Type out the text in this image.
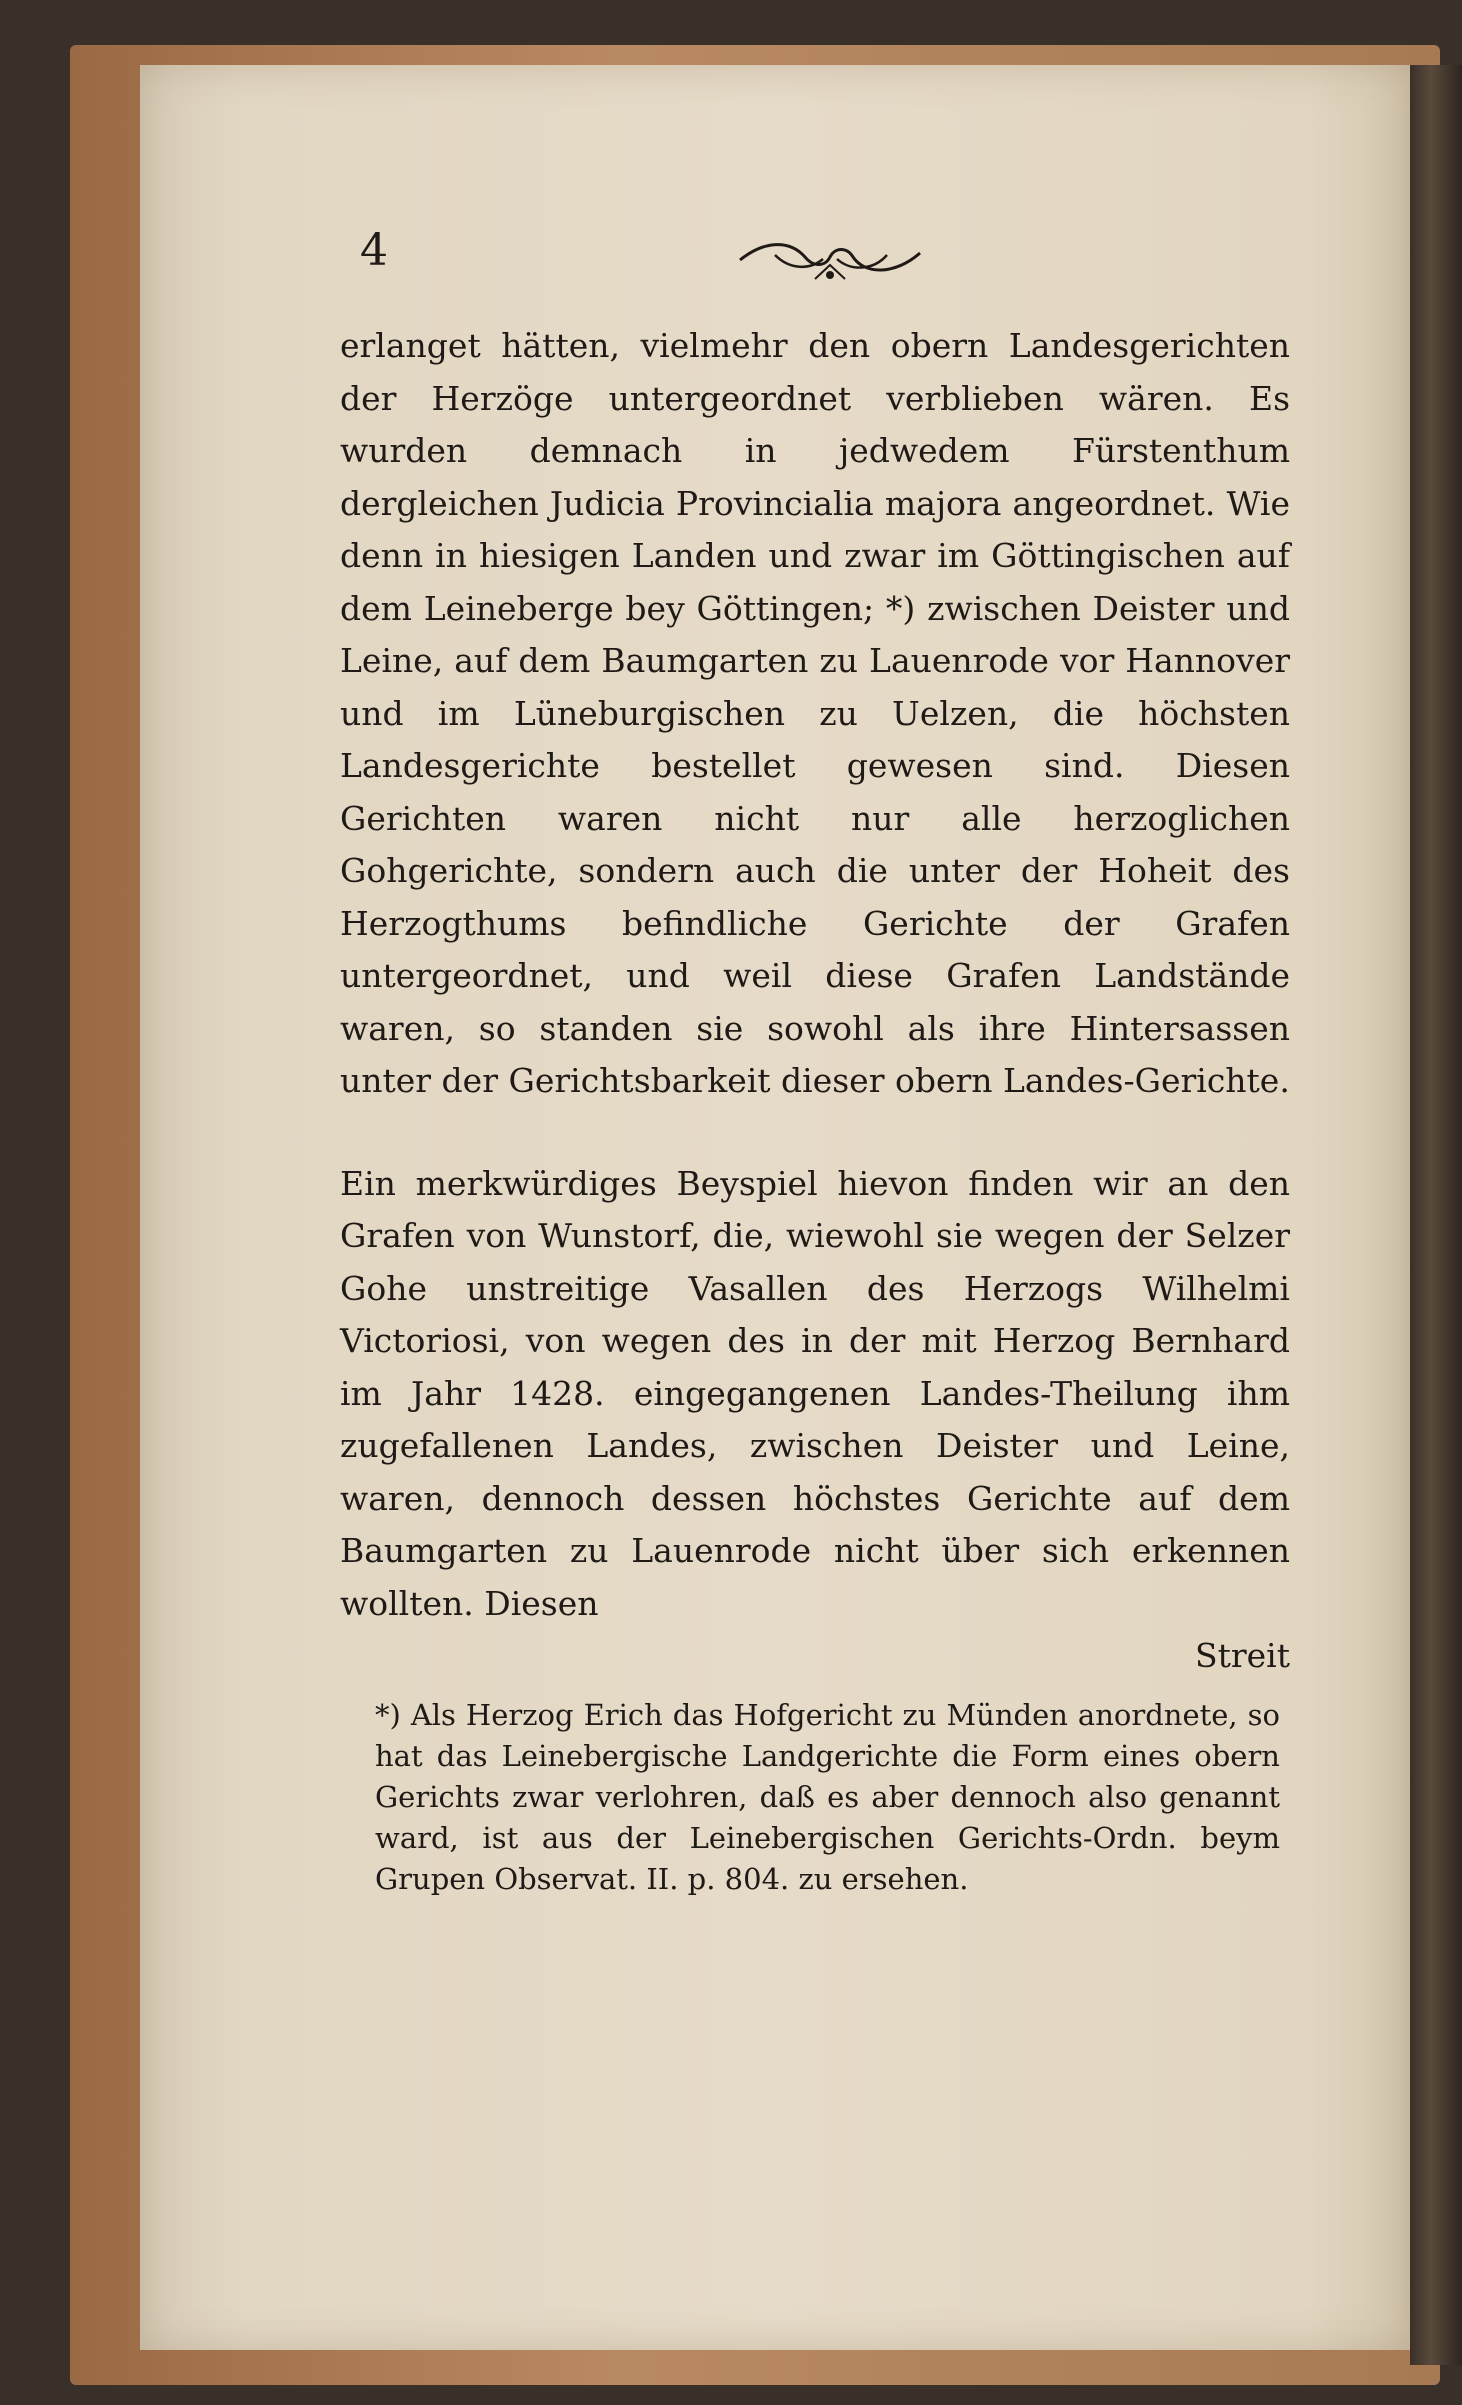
4

erlanget hätten, vielmehr den obern Landesgerichten der Herzöge untergeordnet verblieben wären. Es wurden demnach in jedwedem Fürstenthum dergleichen Judicia Provincialia majora angeordnet. Wie denn in hiesigen Landen und zwar im Göttingischen auf dem Leineberge bey Göttingen; *) zwischen Deister und Leine, auf dem Baumgarten zu Lauenrode vor Hannover und im Lüneburgischen zu Uelzen, die höchsten Landesgerichte bestellet gewesen sind. Diesen Gerichten waren nicht nur alle herzoglichen Gohgerichte, sondern auch die unter der Hoheit des Herzogthums befindliche Gerichte der Grafen untergeordnet, und weil diese Grafen Landstände waren, so standen sie sowohl als ihre Hintersassen unter der Gerichtsbarkeit dieser obern Landes-Gerichte.

Ein merkwürdiges Beyspiel hievon finden wir an den Grafen von Wunstorf, die, wiewohl sie wegen der Selzer Gohe unstreitige Vasallen des Herzogs Wilhelmi Victoriosi, von wegen des in der mit Herzog Bernhard im Jahr 1428. eingegangenen Landes-Theilung ihm zugefallenen Landes, zwischen Deister und Leine, waren, dennoch dessen höchstes Gerichte auf dem Baumgarten zu Lauenrode nicht über sich erkennen wollten. Diesen

Streit

*) Als Herzog Erich das Hofgericht zu Münden anordnete, so hat das Leinebergische Landgerichte die Form eines obern Gerichts zwar verlohren, daß es aber dennoch also genannt ward, ist aus der Leinebergischen Gerichts-Ordn. beym Grupen Observat. II. p. 804. zu ersehen.
